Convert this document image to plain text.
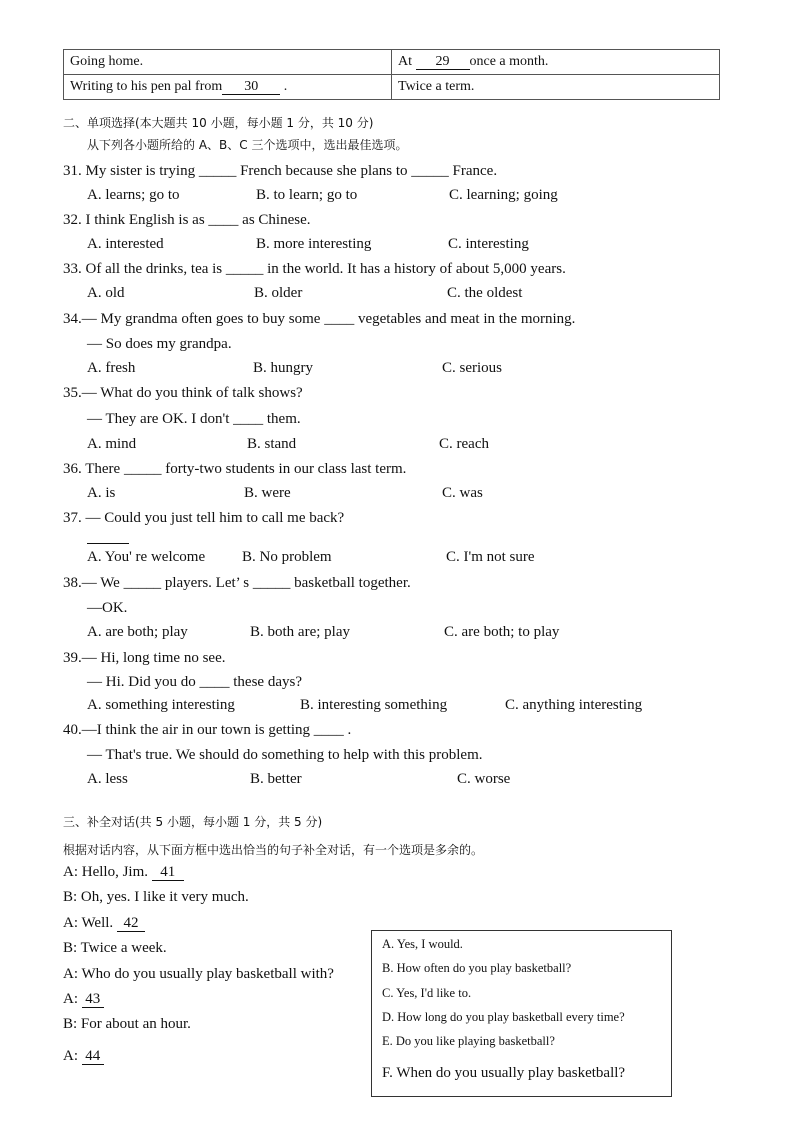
Going home.	At 29 once a month.
Writing to his pen pal from 30 .	Twice a term.
二、单项选择(本大题共 10 小题，每小题 1 分，共 10 分)
从下列各小题所给的 A、B、C 三个选项中，选出最佳选项。
31. My sister is trying _____ French because she plans to _____ France.
A. learns; go to	B. to learn; go to	C. learning; going
32. I think English is as ____ as Chinese.
A. interested	B. more interesting	C. interesting
33. Of all the drinks, tea is _____ in the world. It has a history of about 5,000 years.
A. old	B. older	C. the oldest
34.— My grandma often goes to buy some ____ vegetables and meat in the morning.
— So does my grandpa.
A. fresh	B. hungry	C. serious
35.— What do you think of talk shows?
— They are OK. I don't ____ them.
A. mind	B. stand	C. reach
36. There _____ forty-two students in our class last term.
A. is	B. were	C. was
37. — Could you just tell him to call me back?
A. You' re welcome B. No problem	C. I'm not sure
38.— We _____ players. Let’ s _____ basketball together.
—OK.
A. are both; play	B. both are; play	C. are both; to play
39.— Hi, long time no see.
— Hi. Did you do ____ these days?
A. something interesting	B. interesting something	C. anything interesting
40.—I think the air in our town is getting ____ .
— That's true. We should do something to help with this problem.
A. less	B. better	C. worse
三、补全对话(共 5 小题，每小题 1 分，共 5 分)
根据对话内容，从下面方框中选出恰当的句子补全对话，有一个选项是多余的。
A: Hello, Jim. 41
B: Oh, yes. I like it very much.
A: Well. 42
B: Twice a week.
A: Who do you usually play basketball with?
A: 43
B: For about an hour.
A: 44
A. Yes, I would.
B. How often do you play basketball?
C. Yes, I'd like to.
D. How long do you play basketball every time?
E. Do you like playing basketball?
F. When do you usually play basketball?
